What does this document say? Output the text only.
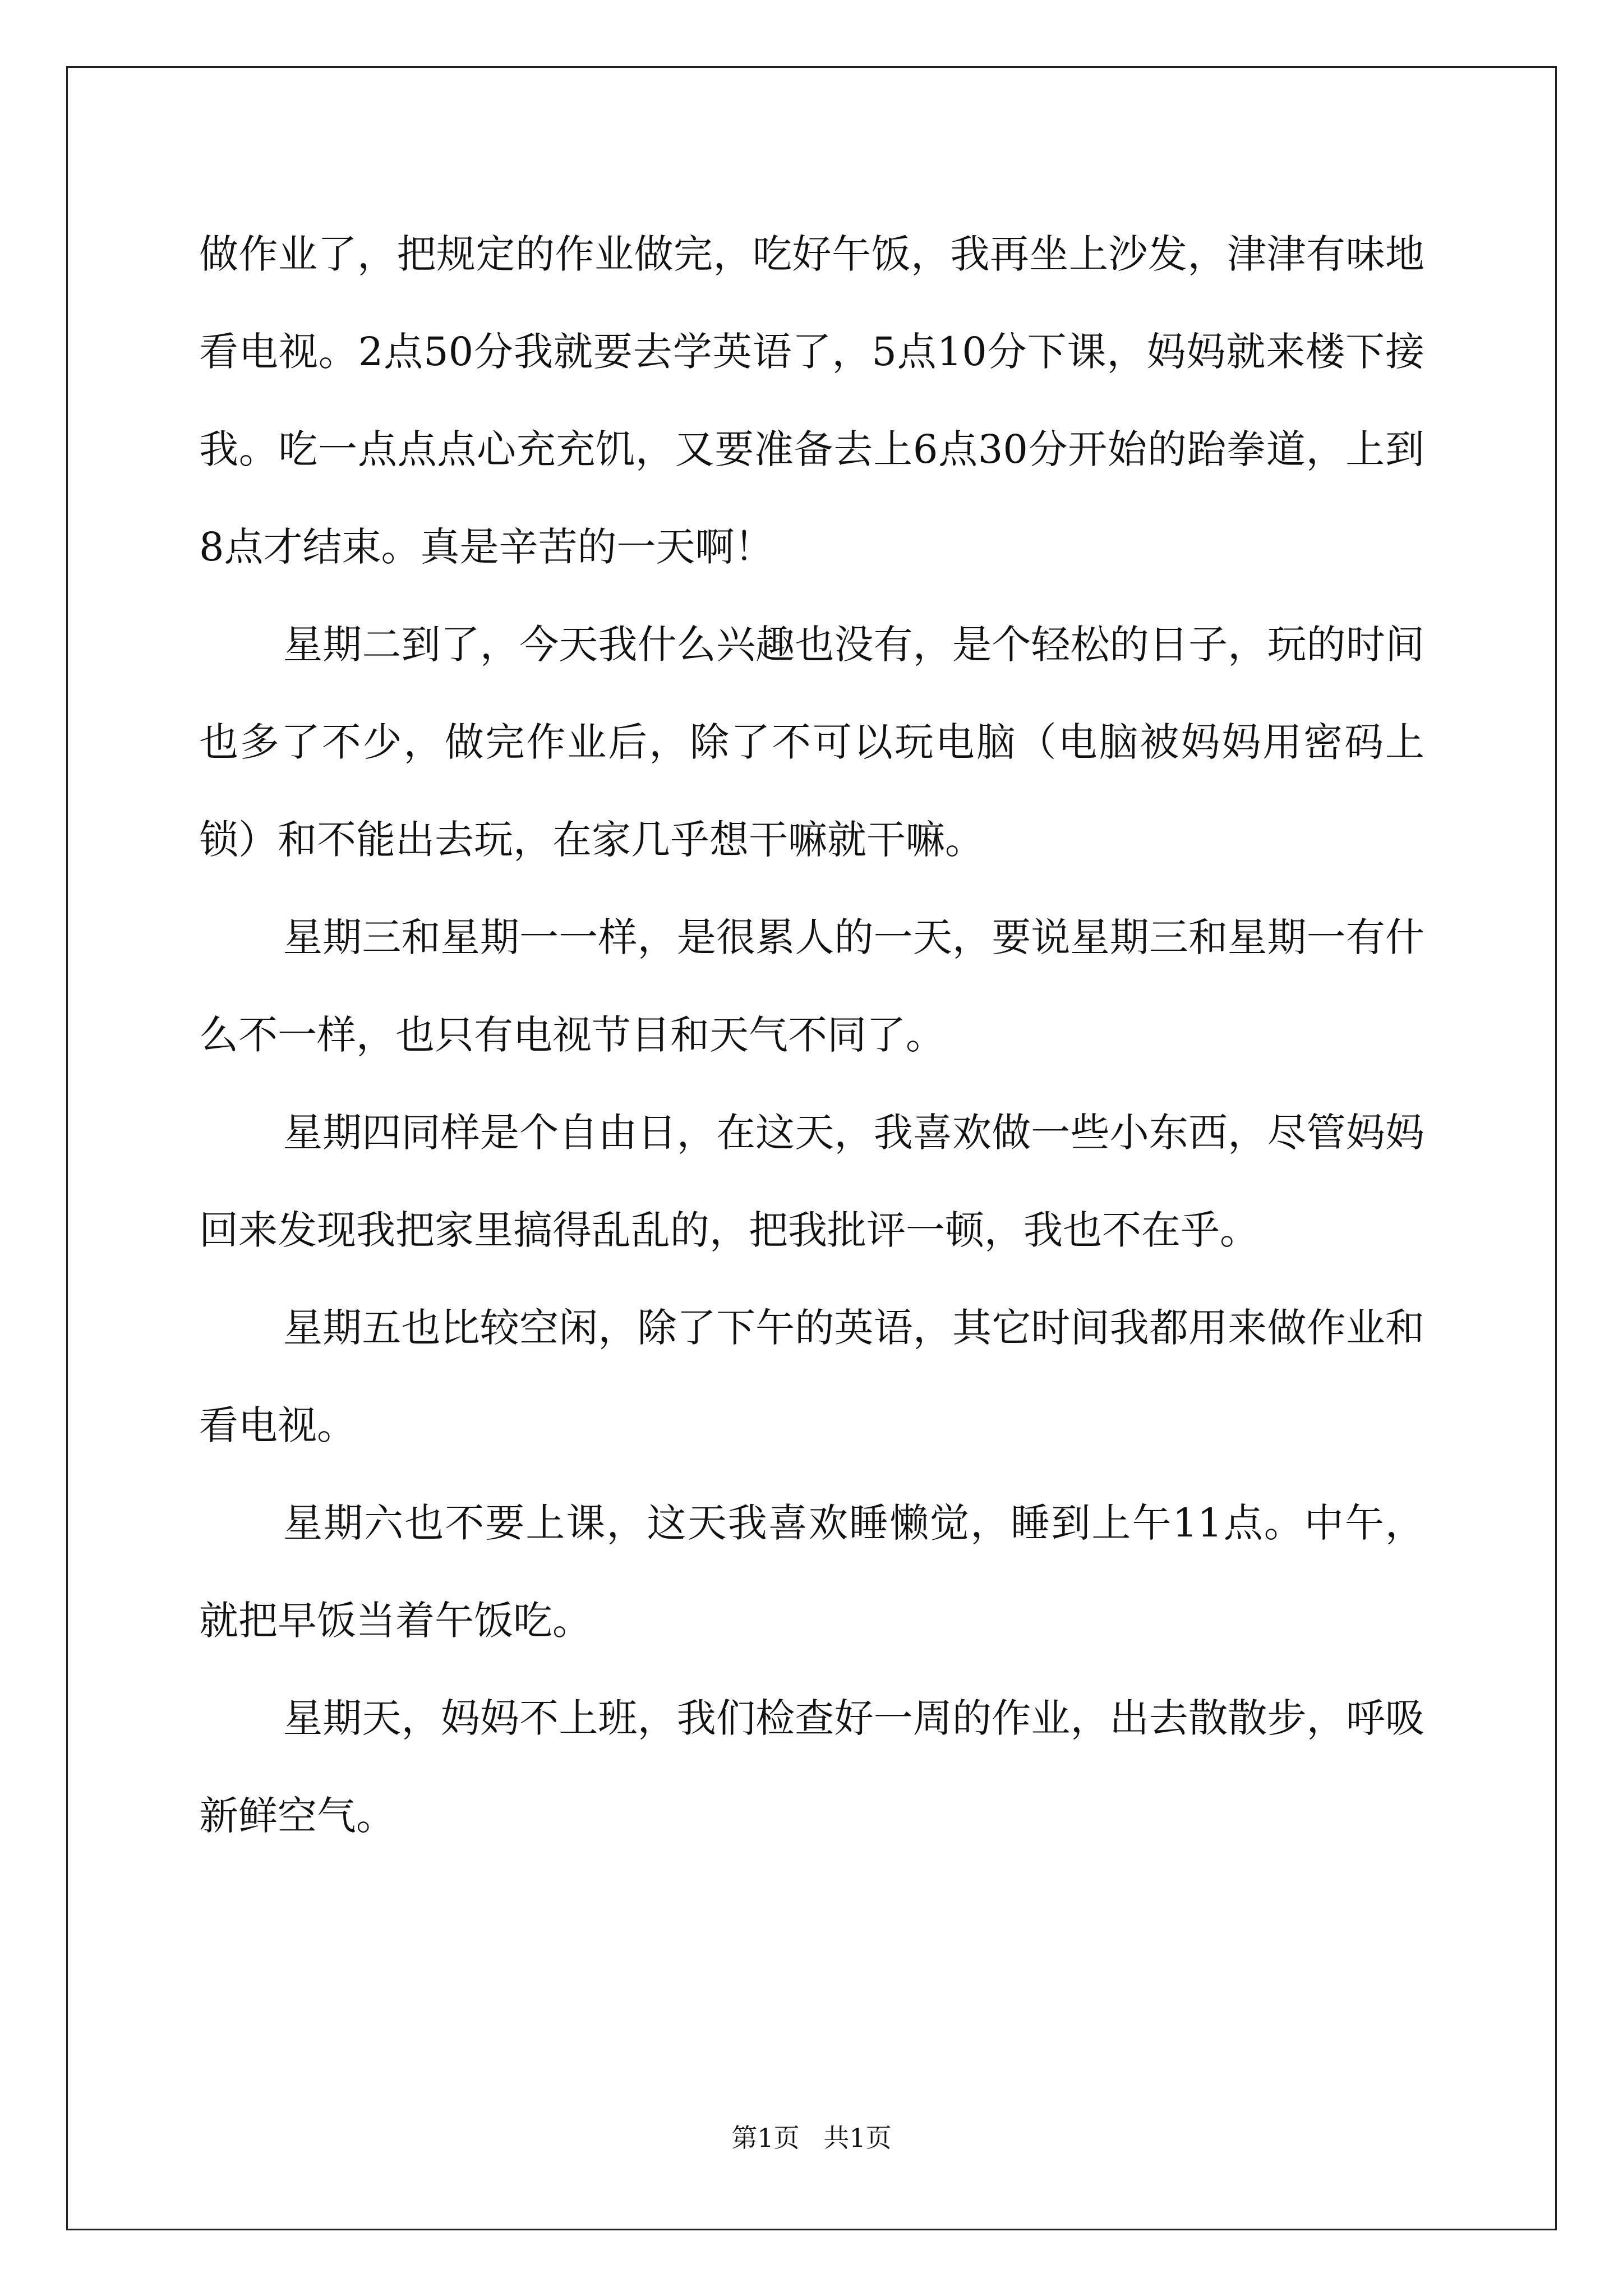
做作业了，把规定的作业做完，吃好午饭，我再坐上沙发，津津有味地看电视。2点50分我就要去学英语了，5点10分下课，妈妈就来楼下接我。吃一点点点心充充饥，又要准备去上6点30分开始的跆拳道，上到8点才结束。真是辛苦的一天啊！

星期二到了，今天我什么兴趣也没有，是个轻松的日子，玩的时间也多了不少，做完作业后，除了不可以玩电脑（电脑被妈妈用密码上锁）和不能出去玩，在家几乎想干嘛就干嘛。

星期三和星期一一样，是很累人的一天，要说星期三和星期一有什么不一样，也只有电视节目和天气不同了。

星期四同样是个自由日，在这天，我喜欢做一些小东西，尽管妈妈回来发现我把家里搞得乱乱的，把我批评一顿，我也不在乎。

星期五也比较空闲，除了下午的英语，其它时间我都用来做作业和看电视。

星期六也不要上课，这天我喜欢睡懒觉，睡到上午11点。中午，就把早饭当着午饭吃。

星期天，妈妈不上班，我们检查好一周的作业，出去散散步，呼吸新鲜空气。

第1页 共1页
